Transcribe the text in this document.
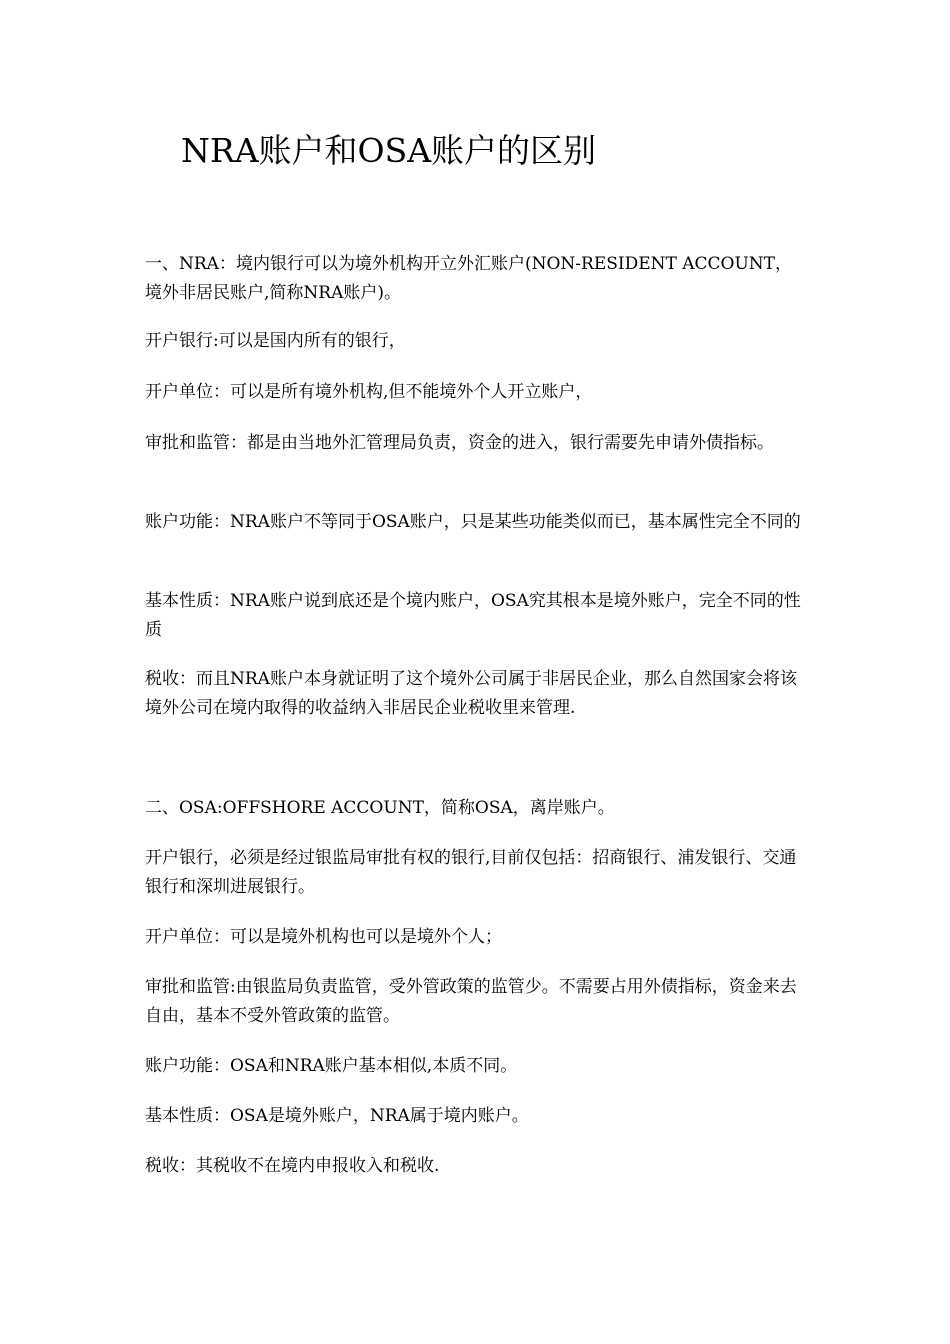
NRA账户和OSA账户的区别

一、NRA：境内银行可以为境外机构开立外汇账户(NON-RESIDENT ACCOUNT，境外非居民账户,简称NRA账户)。

开户银行:可以是国内所有的银行，

开户单位：可以是所有境外机构,但不能境外个人开立账户，

审批和监管：都是由当地外汇管理局负责，资金的进入，银行需要先申请外债指标。

账户功能：NRA账户不等同于OSA账户，只是某些功能类似而已，基本属性完全不同的

基本性质：NRA账户说到底还是个境内账户，OSA究其根本是境外账户，完全不同的性质

税收：而且NRA账户本身就证明了这个境外公司属于非居民企业，那么自然国家会将该境外公司在境内取得的收益纳入非居民企业税收里来管理.

二、OSA:OFFSHORE ACCOUNT，简称OSA，离岸账户。

开户银行，必须是经过银监局审批有权的银行,目前仅包括：招商银行、浦发银行、交通银行和深圳进展银行。

开户单位：可以是境外机构也可以是境外个人；

审批和监管:由银监局负责监管，受外管政策的监管少。不需要占用外债指标，资金来去自由，基本不受外管政策的监管。

账户功能：OSA和NRA账户基本相似,本质不同。

基本性质：OSA是境外账户，NRA属于境内账户。

税收：其税收不在境内申报收入和税收.
